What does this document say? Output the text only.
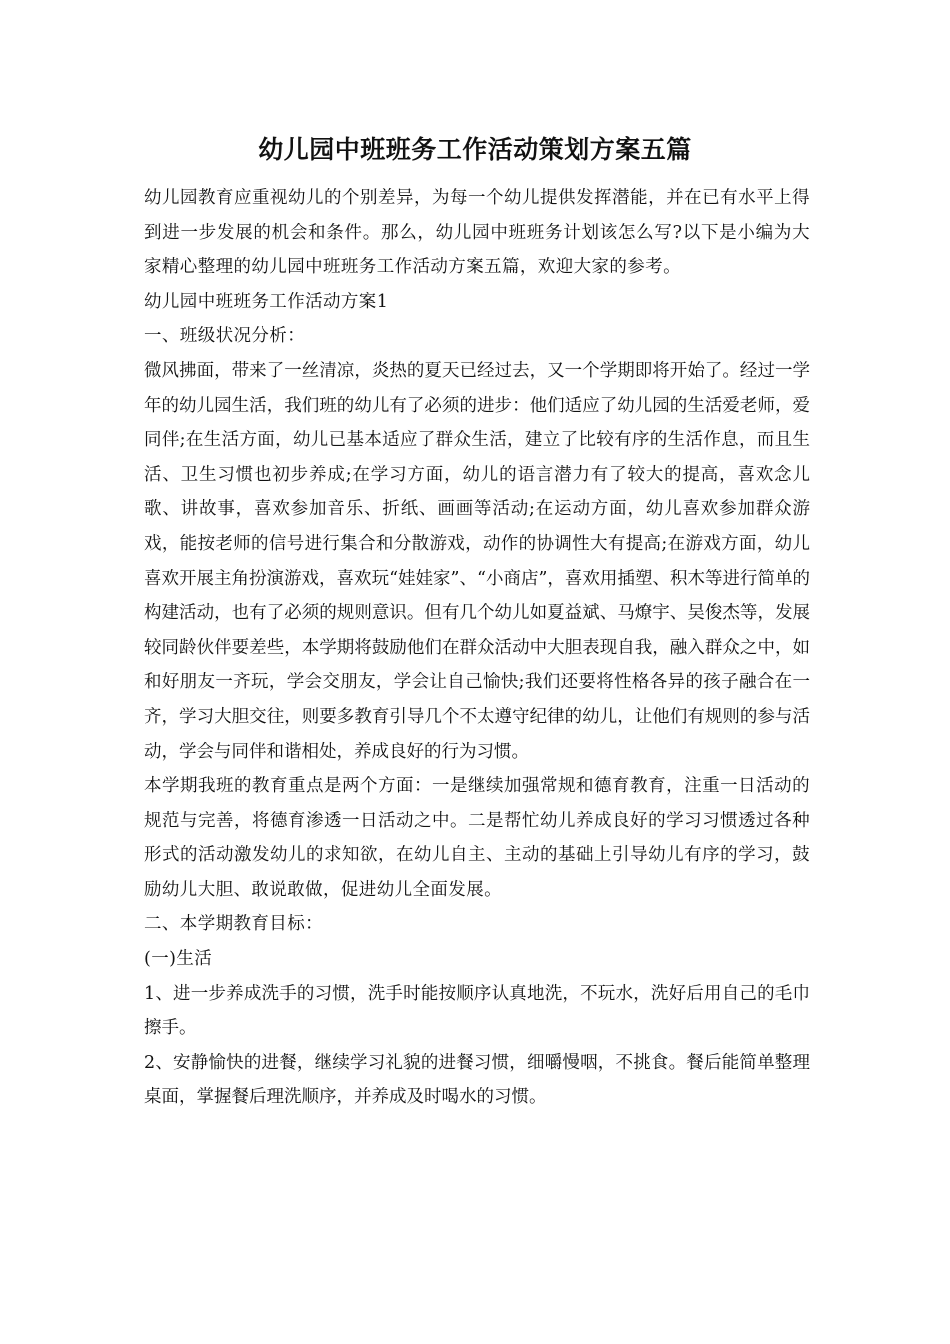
幼儿园中班班务工作活动策划方案五篇

幼儿园教育应重视幼儿的个别差异，为每一个幼儿提供发挥潜能，并在已有水平上得到进一步发展的机会和条件。那么，幼儿园中班班务计划该怎么写?以下是小编为大家精心整理的幼儿园中班班务工作活动方案五篇，欢迎大家的参考。

幼儿园中班班务工作活动方案1

一、班级状况分析：

微风拂面，带来了一丝清凉，炎热的夏天已经过去，又一个学期即将开始了。经过一学年的幼儿园生活，我们班的幼儿有了必须的进步：他们适应了幼儿园的生活爱老师，爱同伴;在生活方面，幼儿已基本适应了群众生活，建立了比较有序的生活作息，而且生活、卫生习惯也初步养成;在学习方面，幼儿的语言潜力有了较大的提高，喜欢念儿歌、讲故事，喜欢参加音乐、折纸、画画等活动;在运动方面，幼儿喜欢参加群众游戏，能按老师的信号进行集合和分散游戏，动作的协调性大有提高;在游戏方面，幼儿喜欢开展主角扮演游戏，喜欢玩“娃娃家”、“小商店”，喜欢用插塑、积木等进行简单的构建活动，也有了必须的规则意识。但有几个幼儿如夏益斌、马燎宇、吴俊杰等，发展较同龄伙伴要差些，本学期将鼓励他们在群众活动中大胆表现自我，融入群众之中，如和好朋友一齐玩，学会交朋友，学会让自己愉快;我们还要将性格各异的孩子融合在一齐，学习大胆交往，则要多教育引导几个不太遵守纪律的幼儿，让他们有规则的参与活动，学会与同伴和谐相处，养成良好的行为习惯。

本学期我班的教育重点是两个方面：一是继续加强常规和德育教育，注重一日活动的规范与完善，将德育渗透一日活动之中。二是帮忙幼儿养成良好的学习习惯透过各种形式的活动激发幼儿的求知欲，在幼儿自主、主动的基础上引导幼儿有序的学习，鼓励幼儿大胆、敢说敢做，促进幼儿全面发展。

二、本学期教育目标：

(一)生活

1、进一步养成洗手的习惯，洗手时能按顺序认真地洗，不玩水，洗好后用自己的毛巾擦手。

2、安静愉快的进餐，继续学习礼貌的进餐习惯，细嚼慢咽，不挑食。餐后能简单整理桌面，掌握餐后理洗顺序，并养成及时喝水的习惯。
